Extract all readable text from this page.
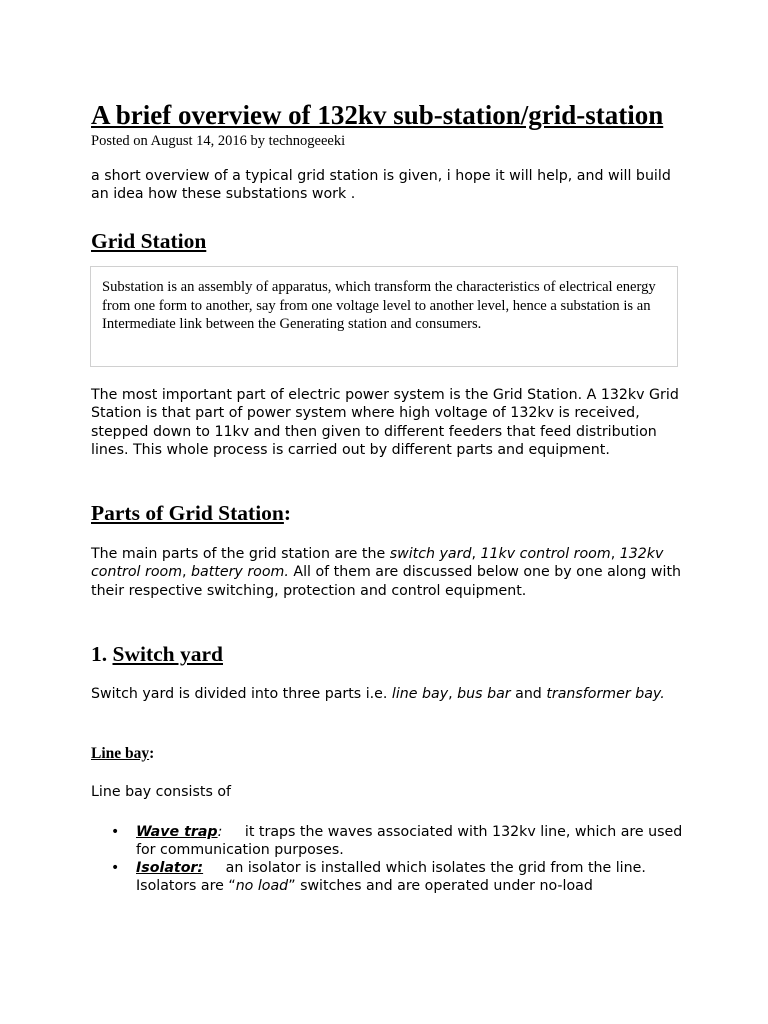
A brief overview of 132kv sub-station/grid-station
Posted on August 14, 2016 by technogeeeki

a short overview of a typical grid station is given, i hope it will help, and will build an idea how these substations work .

Grid Station
Substation is an assembly of apparatus, which transform the characteristics of electrical energy from one form to another, say from one voltage level to another level, hence a substation is an Intermediate link between the Generating station and consumers.

The most important part of electric power system is the Grid Station. A 132kv Grid Station is that part of power system where high voltage of 132kv is received, stepped down to 11kv and then given to different feeders that feed distribution lines. This whole process is carried out by different parts and equipment.

Parts of Grid Station:

The main parts of the grid station are the switch yard, 11kv control room, 132kv control room, battery room. All of them are discussed below one by one along with their respective switching, protection and control equipment.

1. Switch yard

Switch yard is divided into three parts i.e. line bay, bus bar and transformer bay.

Line bay:

Line bay consists of

• Wave trap:     it traps the waves associated with 132kv line, which are used for communication purposes.
• Isolator:     an isolator is installed which isolates the grid from the line. Isolators are “no load” switches and are operated under no-load
